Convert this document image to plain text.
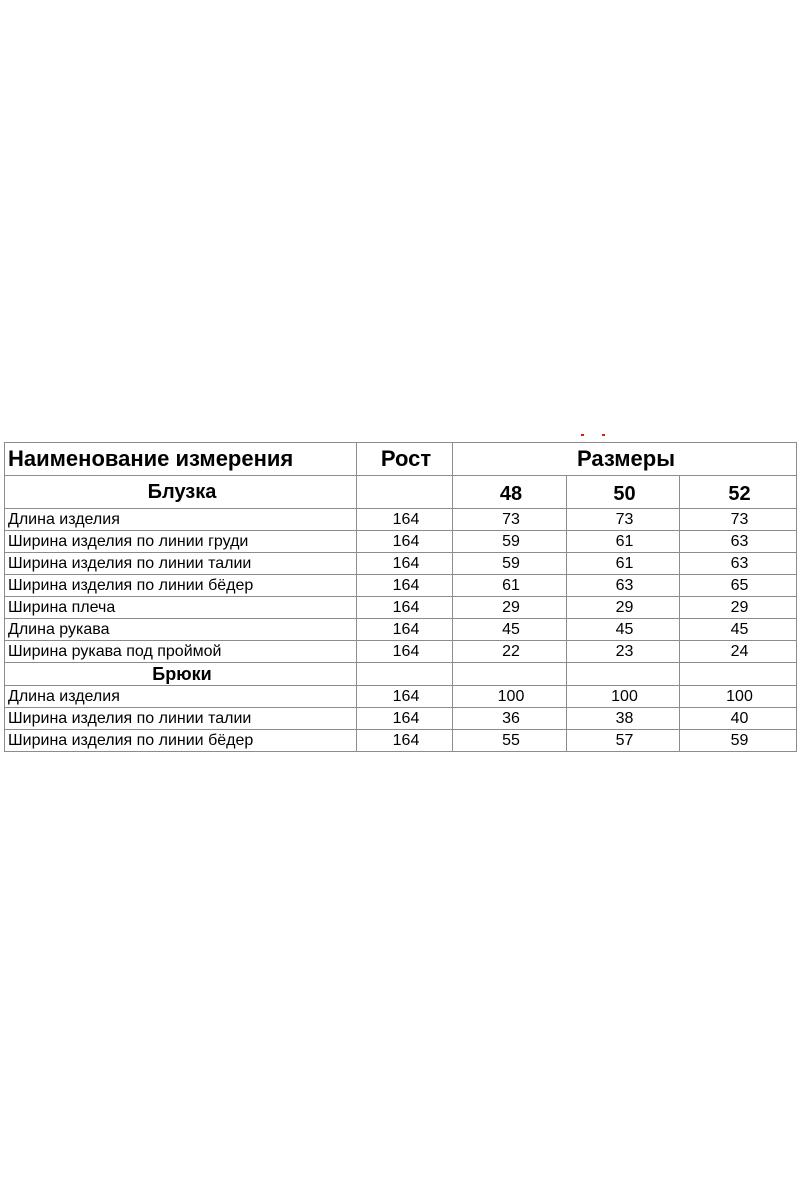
Наименование измерения	Рост	Размеры		
Блузка		48	50	52
Длина изделия	164	73	73	73
Ширина изделия по линии груди	164	59	61	63
Ширина изделия по линии талии	164	59	61	63
Ширина изделия по линии бёдер	164	61	63	65
Ширина плеча	164	29	29	29
Длина рукава	164	45	45	45
Ширина рукава под проймой	164	22	23	24
Брюки				
Длина изделия	164	100	100	100
Ширина изделия по линии талии	164	36	38	40
Ширина изделия по линии бёдер	164	55	57	59
